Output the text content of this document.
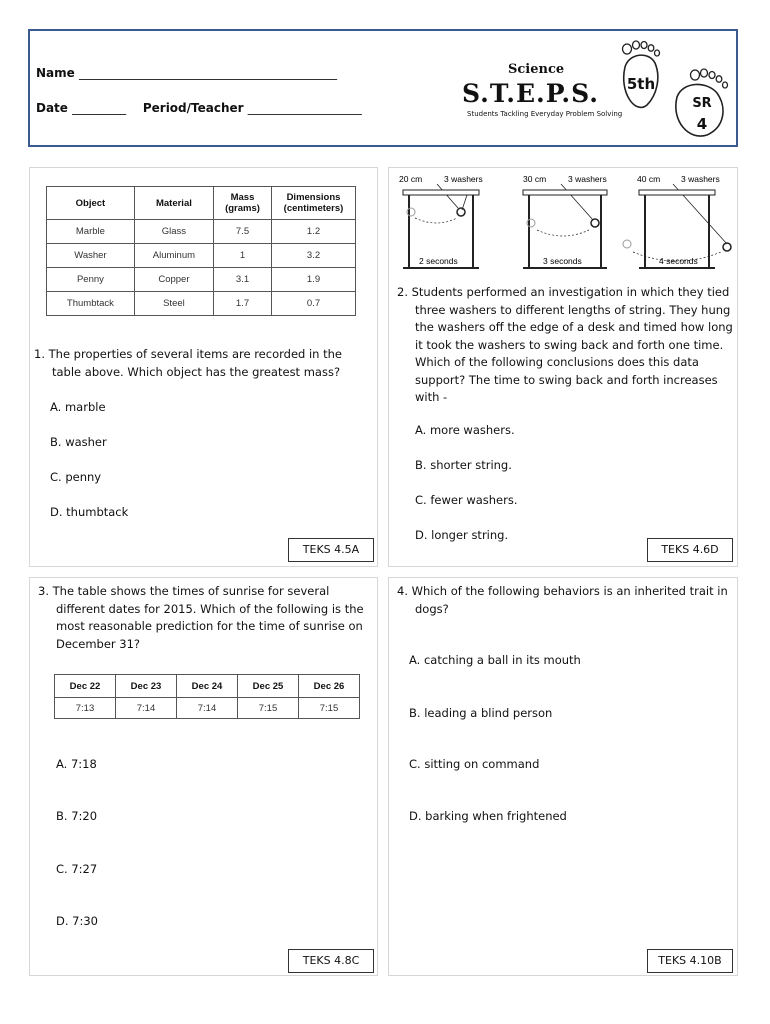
Name ___________________________________________
Date _________ Period/Teacher ___________________
Science
S.T.E.P.S.
Students Tackling Everyday Problem Solving
5th
SR
4
Object	Material	Mass (grams)	Dimensions (centimeters)
Marble	Glass	7.5	1.2
Washer	Aluminum	1	3.2
Penny	Copper	3.1	1.9
Thumbtack	Steel	1.7	0.7
1. The properties of several items are recorded in the table above. Which object has the greatest mass?
A. marble
B. washer
C. penny
D. thumbtack
TEKS 4.5A
20 cm	3 washers
2 seconds
30 cm	3 washers
3 seconds
40 cm 3 washers
4 seconds
2. Students performed an investigation in which they tied three washers to different lengths of string. They hung the washers off the edge of a desk and timed how long it took the washers to swing back and forth one time. Which of the following conclusions does this data support? The time to swing back and forth increases with -
A. more washers.
B. shorter string.
C. fewer washers.
D. longer string.
TEKS 4.6D
3. The table shows the times of sunrise for several different dates for 2015. Which of the following is the most reasonable prediction for the time of sunrise on December 31?
Dec 22	Dec 23	Dec 24	Dec 25	Dec 26
7:13	7:14	7:14	7:15	7:15
A. 7:18
B. 7:20
C. 7:27
D. 7:30
TEKS 4.8C
4. Which of the following behaviors is an inherited trait in dogs?
A. catching a ball in its mouth
B. leading a blind person
C. sitting on command
D. barking when frightened
TEKS 4.10B
